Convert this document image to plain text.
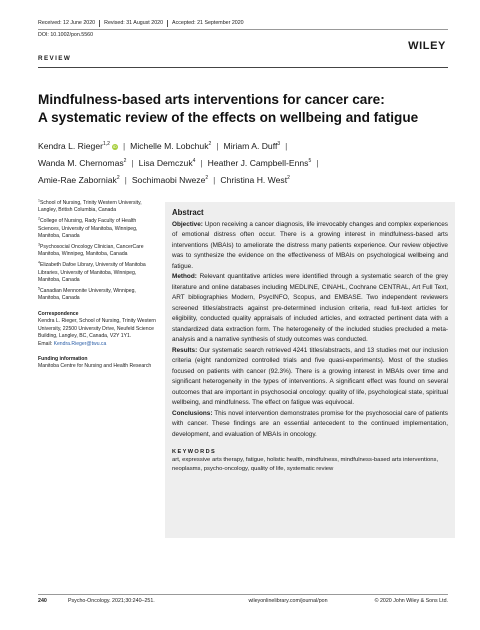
Received: 12 June 2020	Revised: 31 August 2020	Accepted: 21 September 2020
DOI: 10.1002/pon.5560
WILEY
REVIEW
Mindfulness-based arts interventions for cancer care:
A systematic review of the effects on wellbeing and fatigue
Kendra L. Rieger$^{1,2}$ iD | Michelle M. Lobchuk$^2$ | Miriam A. Duff$^3$ |
Wanda M. Chernomas$^2$ | Lisa Demczuk$^4$ | Heather J. Campbell-Enns$^5$ |
Amie-Rae Zaborniak$^2$ | Sochimaobi Nweze$^2$ | Christina H. West$^2$
$^1$School of Nursing, Trinity Western University, Langley, British Columbia, Canada
$^2$College of Nursing, Rady Faculty of Health Sciences, University of Manitoba, Winnipeg, Manitoba, Canada
$^3$Psychosocial Oncology Clinician, CancerCare Manitoba, Winnipeg, Manitoba, Canada
$^4$Elizabeth Dafoe Library, University of Manitoba Libraries, University of Manitoba, Winnipeg, Manitoba, Canada
$^5$Canadian Mennonite University, Winnipeg, Manitoba, Canada
Correspondence
Kendra L. Rieger, School of Nursing, Trinity Western University, 22500 University Drive, Neufeld Science Building, Langley, BC, Canada, V2Y 1Y1.
Email: Kendra.Rieger@twu.ca
Funding information
Manitoba Centre for Nursing and Health Research
Abstract
Objective: Upon receiving a cancer diagnosis, life irrevocably changes and complex experiences of emotional distress often occur. There is a growing interest in mindfulness-based arts interventions (MBAIs) to ameliorate the distress many patients experience. Our review objective was to synthesize the evidence on the effectiveness of MBAIs on psychological wellbeing and fatigue.
Method: Relevant quantitative articles were identified through a systematic search of the grey literature and online databases including MEDLINE, CINAHL, Cochrane CENTRAL, Art Full Text, ART bibliographies Modern, PsycINFO, Scopus, and EMBASE. Two independent reviewers screened titles/abstracts against pre-determined inclusion criteria, read full-text articles for eligibility, conducted quality appraisals of included articles, and extracted pertinent data with a standardized data extraction form. The heterogeneity of the included studies precluded a meta-analysis and a narrative synthesis of study outcomes was conducted.
Results: Our systematic search retrieved 4241 titles/abstracts, and 13 studies met our inclusion criteria (eight randomized controlled trials and five quasi-experiments). Most of the studies focused on patients with cancer (92.3%). There is a growing interest in MBAIs over time and significant heterogeneity in the types of interventions. A significant effect was found on several outcomes that are important in psychosocial oncology: quality of life, psychological state, spiritual wellbeing, and mindfulness. The effect on fatigue was equivocal.
Conclusions: This novel intervention demonstrates promise for the psychosocial care of patients with cancer. These findings are an essential antecedent to the continued implementation, development, and evaluation of MBAIs in oncology.
KEYWORDS
art, expressive arts therapy, fatigue, holistic health, mindfulness, mindfulness-based arts interventions, neoplasms, psycho-oncology, quality of life, systematic review
240	Psycho-Oncology. 2021;30:240–251.	wileyonlinelibrary.com/journal/pon	© 2020 John Wiley & Sons Ltd.
